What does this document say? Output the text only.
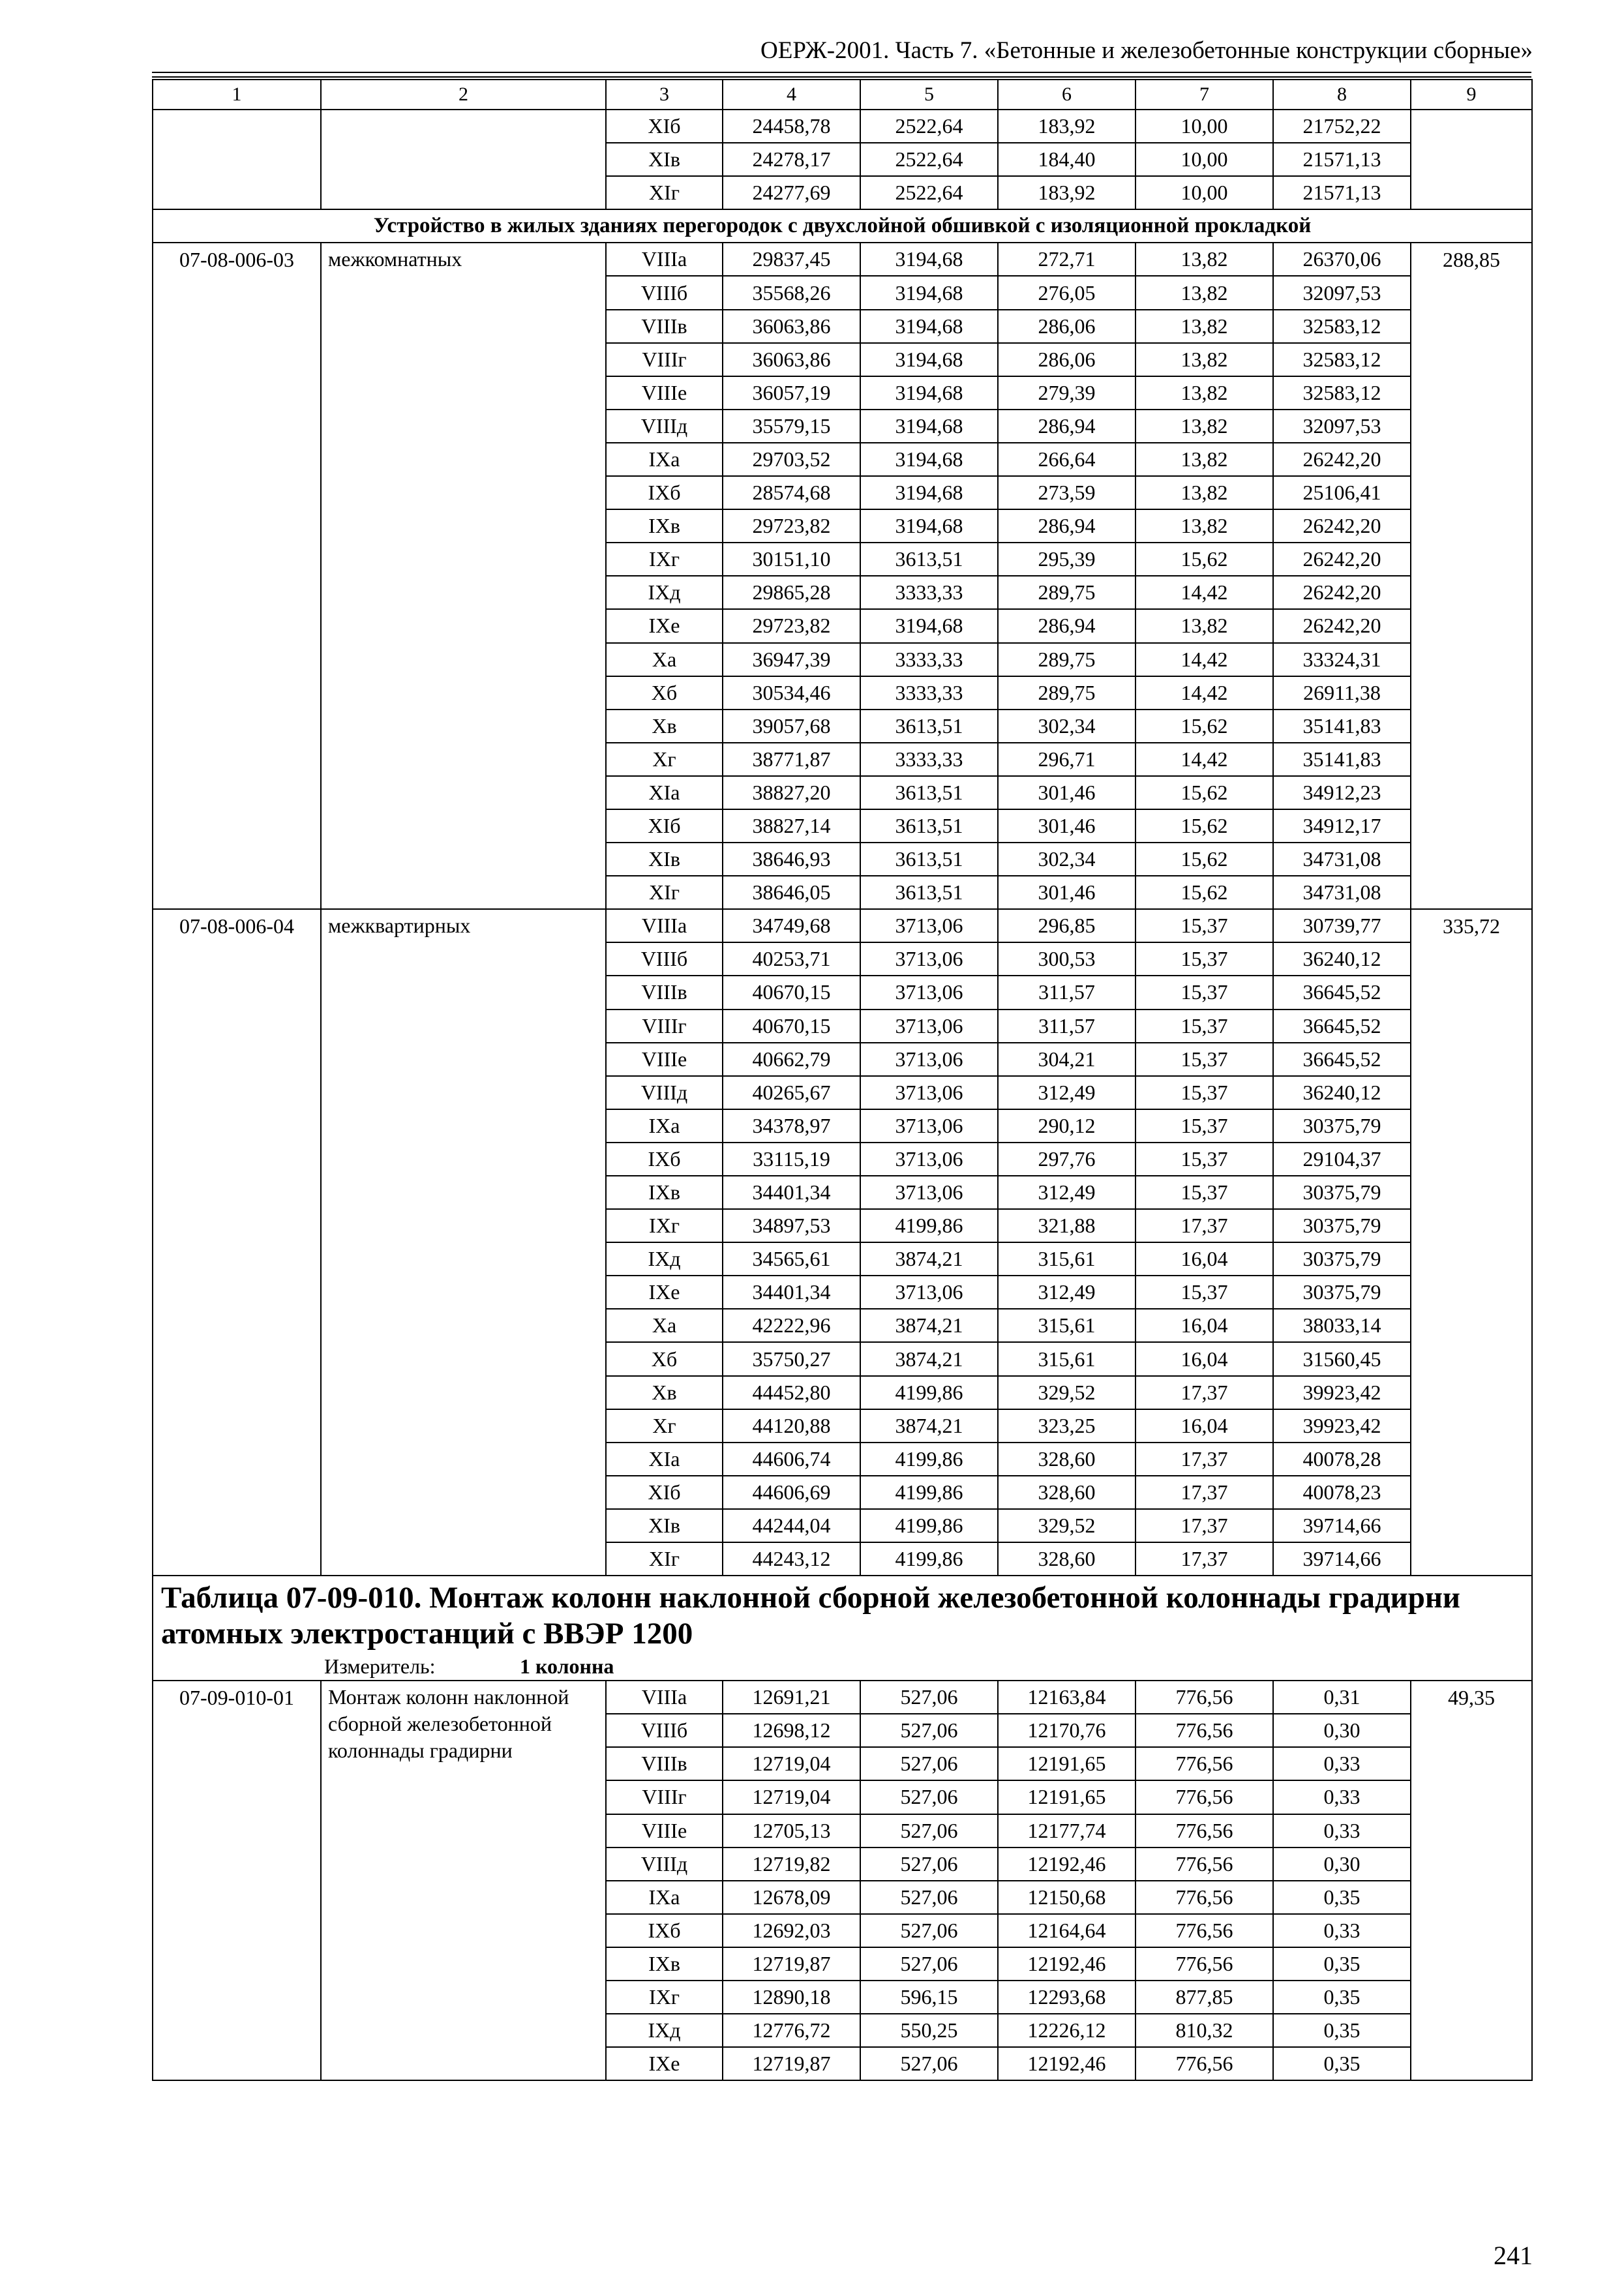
ОЕРЖ-2001. Часть 7. «Бетонные и железобетонные конструкции сборные»
1	2	3	4	5	6	7	8	9
		XIб	24458,78	2522,64	183,92	10,00	21752,22	
		XIв	24278,17	2522,64	184,40	10,00	21571,13	
		XIг	24277,69	2522,64	183,92	10,00	21571,13	
Устройство в жилых зданиях перегородок с двухслойной обшивкой с изоляционной прокладкой								
07-08-006-03	межкомнатных	VIIIа	29837,45	3194,68	272,71	13,82	26370,06	288,85
		VIIIб	35568,26	3194,68	276,05	13,82	32097,53	
		VIIIв	36063,86	3194,68	286,06	13,82	32583,12	
		VIIIг	36063,86	3194,68	286,06	13,82	32583,12	
		VIIIе	36057,19	3194,68	279,39	13,82	32583,12	
		VIIIд	35579,15	3194,68	286,94	13,82	32097,53	
		IXа	29703,52	3194,68	266,64	13,82	26242,20	
		IXб	28574,68	3194,68	273,59	13,82	25106,41	
		IXв	29723,82	3194,68	286,94	13,82	26242,20	
		IXг	30151,10	3613,51	295,39	15,62	26242,20	
		IXд	29865,28	3333,33	289,75	14,42	26242,20	
		IXе	29723,82	3194,68	286,94	13,82	26242,20	
		Xа	36947,39	3333,33	289,75	14,42	33324,31	
		Xб	30534,46	3333,33	289,75	14,42	26911,38	
		Xв	39057,68	3613,51	302,34	15,62	35141,83	
		Xг	38771,87	3333,33	296,71	14,42	35141,83	
		XIа	38827,20	3613,51	301,46	15,62	34912,23	
		XIб	38827,14	3613,51	301,46	15,62	34912,17	
		XIв	38646,93	3613,51	302,34	15,62	34731,08	
		XIг	38646,05	3613,51	301,46	15,62	34731,08	
07-08-006-04	межквартирных	VIIIа	34749,68	3713,06	296,85	15,37	30739,77	335,72
		VIIIб	40253,71	3713,06	300,53	15,37	36240,12	
		VIIIв	40670,15	3713,06	311,57	15,37	36645,52	
		VIIIг	40670,15	3713,06	311,57	15,37	36645,52	
		VIIIе	40662,79	3713,06	304,21	15,37	36645,52	
		VIIIд	40265,67	3713,06	312,49	15,37	36240,12	
		IXа	34378,97	3713,06	290,12	15,37	30375,79	
		IXб	33115,19	3713,06	297,76	15,37	29104,37	
		IXв	34401,34	3713,06	312,49	15,37	30375,79	
		IXг	34897,53	4199,86	321,88	17,37	30375,79	
		IXд	34565,61	3874,21	315,61	16,04	30375,79	
		IXе	34401,34	3713,06	312,49	15,37	30375,79	
		Xа	42222,96	3874,21	315,61	16,04	38033,14	
		Xб	35750,27	3874,21	315,61	16,04	31560,45	
		Xв	44452,80	4199,86	329,52	17,37	39923,42	
		Xг	44120,88	3874,21	323,25	16,04	39923,42	
		XIа	44606,74	4199,86	328,60	17,37	40078,28	
		XIб	44606,69	4199,86	328,60	17,37	40078,23	
		XIв	44244,04	4199,86	329,52	17,37	39714,66	
		XIг	44243,12	4199,86	328,60	17,37	39714,66	
Таблица 07-09-010. Монтаж колонн наклонной сборной железобетонной колоннады градирни атомных электростанций с ВВЭР 1200								
Измеритель: 1 колонна								
07-09-010-01	Монтаж колонн наклонной сборной железобетонной колоннады градирни	VIIIа	12691,21	527,06	12163,84	776,56	0,31	49,35
		VIIIб	12698,12	527,06	12170,76	776,56	0,30	
		VIIIв	12719,04	527,06	12191,65	776,56	0,33	
		VIIIг	12719,04	527,06	12191,65	776,56	0,33	
		VIIIе	12705,13	527,06	12177,74	776,56	0,33	
		VIIIд	12719,82	527,06	12192,46	776,56	0,30	
		IXа	12678,09	527,06	12150,68	776,56	0,35	
		IXб	12692,03	527,06	12164,64	776,56	0,33	
		IXв	12719,87	527,06	12192,46	776,56	0,35	
		IXг	12890,18	596,15	12293,68	877,85	0,35	
		IXд	12776,72	550,25	12226,12	810,32	0,35	
		IXе	12719,87	527,06	12192,46	776,56	0,35	
241
